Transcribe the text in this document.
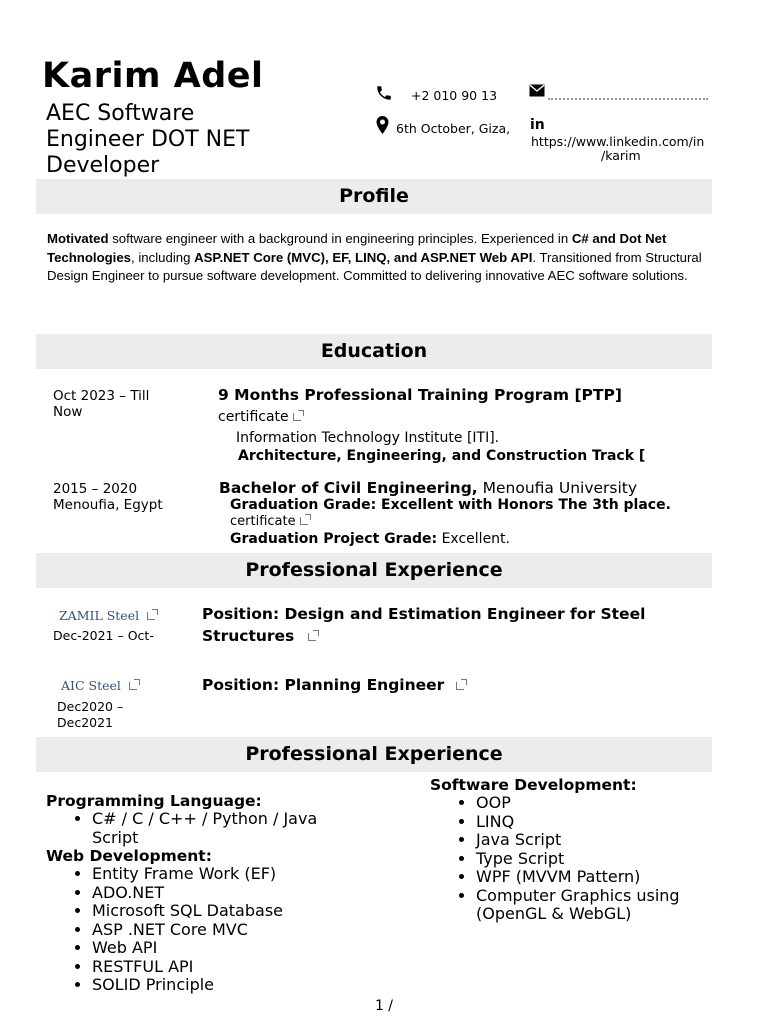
Karim Adel
AEC Software Engineer DOT NET Developer
+2 010 90 13
6th October, Giza, in
https://www.linkedin.com/in
/karim
Profile
Motivated software engineer with a background in engineering principles. Experienced in C# and Dot Net Technologies, including ASP.NET Core (MVC), EF, LINQ, and ASP.NET Web API. Transitioned from Structural Design Engineer to pursue software development. Committed to delivering innovative AEC software solutions.
Education
Oct 2023 – Till Now
9 Months Professional Training Program [PTP]
certificate
Information Technology Institute [ITI].
Architecture, Engineering, and Construction Track [
2015 – 2020 Menoufia, Egypt
Bachelor of Civil Engineering, Menoufia University
Graduation Grade: Excellent with Honors The 3th place.
certificate
Graduation Project Grade: Excellent.
Professional Experience
ZAMIL Steel
Dec-2021 – Oct-
Position: Design and Estimation Engineer for Steel Structures
AIC Steel
Dec2020 – Dec2021
Position: Planning Engineer
Professional Experience
Programming Language:
• C# / C / C++ / Python / Java Script
Web Development:
• Entity Frame Work (EF)
• ADO.NET
• Microsoft SQL Database
• ASP .NET Core MVC
• Web API
• RESTFUL API
• SOLID Principle
Software Development:
• OOP
• LINQ
• Java Script
• Type Script
• WPF (MVVM Pattern)
• Computer Graphics using (OpenGL & WebGL)
1 /
